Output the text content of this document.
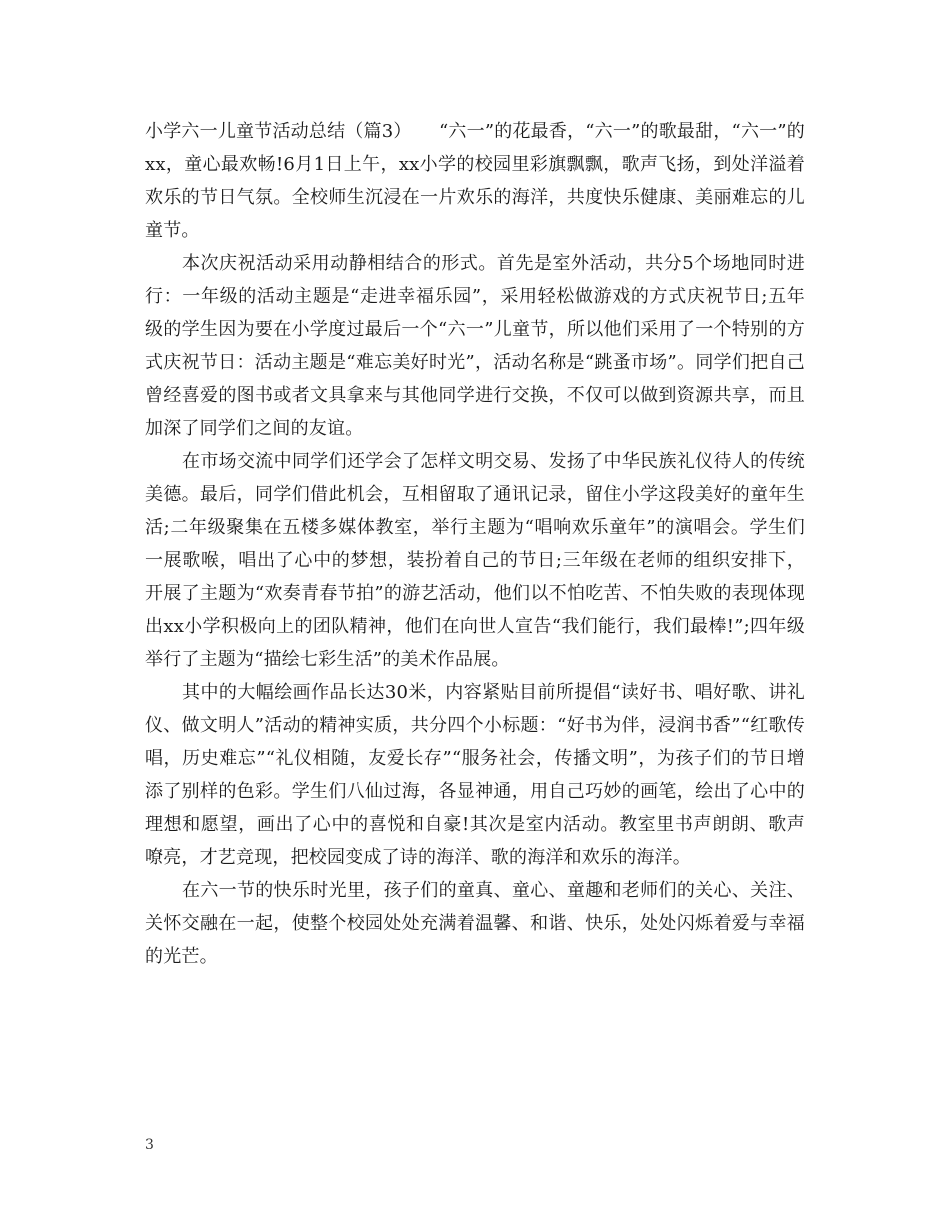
小学六一儿童节活动总结（篇3）　　“六一”的花最香，“六一”的歌最甜，“六一”的xx，童心最欢畅!6月1日上午，xx小学的校园里彩旗飘飘，歌声飞扬，到处洋溢着欢乐的节日气氛。全校师生沉浸在一片欢乐的海洋，共度快乐健康、美丽难忘的儿童节。

本次庆祝活动采用动静相结合的形式。首先是室外活动，共分5个场地同时进行：一年级的活动主题是“走进幸福乐园”，采用轻松做游戏的方式庆祝节日;五年级的学生因为要在小学度过最后一个“六一”儿童节，所以他们采用了一个特别的方式庆祝节日：活动主题是“难忘美好时光”，活动名称是“跳蚤市场”。同学们把自己曾经喜爱的图书或者文具拿来与其他同学进行交换，不仅可以做到资源共享，而且加深了同学们之间的友谊。

在市场交流中同学们还学会了怎样文明交易、发扬了中华民族礼仪待人的传统美德。最后，同学们借此机会，互相留取了通讯记录，留住小学这段美好的童年生活;二年级聚集在五楼多媒体教室，举行主题为“唱响欢乐童年”的演唱会。学生们一展歌喉，唱出了心中的梦想，装扮着自己的节日;三年级在老师的组织安排下，开展了主题为“欢奏青春节拍”的游艺活动，他们以不怕吃苦、不怕失败的表现体现出xx小学积极向上的团队精神，他们在向世人宣告“我们能行，我们最棒!”;四年级举行了主题为“描绘七彩生活”的美术作品展。

其中的大幅绘画作品长达30米，内容紧贴目前所提倡“读好书、唱好歌、讲礼仪、做文明人”活动的精神实质，共分四个小标题：“好书为伴，浸润书香”“红歌传唱，历史难忘”“礼仪相随，友爱长存”“服务社会，传播文明”，为孩子们的节日增添了别样的色彩。学生们八仙过海，各显神通，用自己巧妙的画笔，绘出了心中的理想和愿望，画出了心中的喜悦和自豪!其次是室内活动。教室里书声朗朗、歌声嘹亮，才艺竞现，把校园变成了诗的海洋、歌的海洋和欢乐的海洋。

在六一节的快乐时光里，孩子们的童真、童心、童趣和老师们的关心、关注、关怀交融在一起，使整个校园处处充满着温馨、和谐、快乐，处处闪烁着爱与幸福的光芒。

3
